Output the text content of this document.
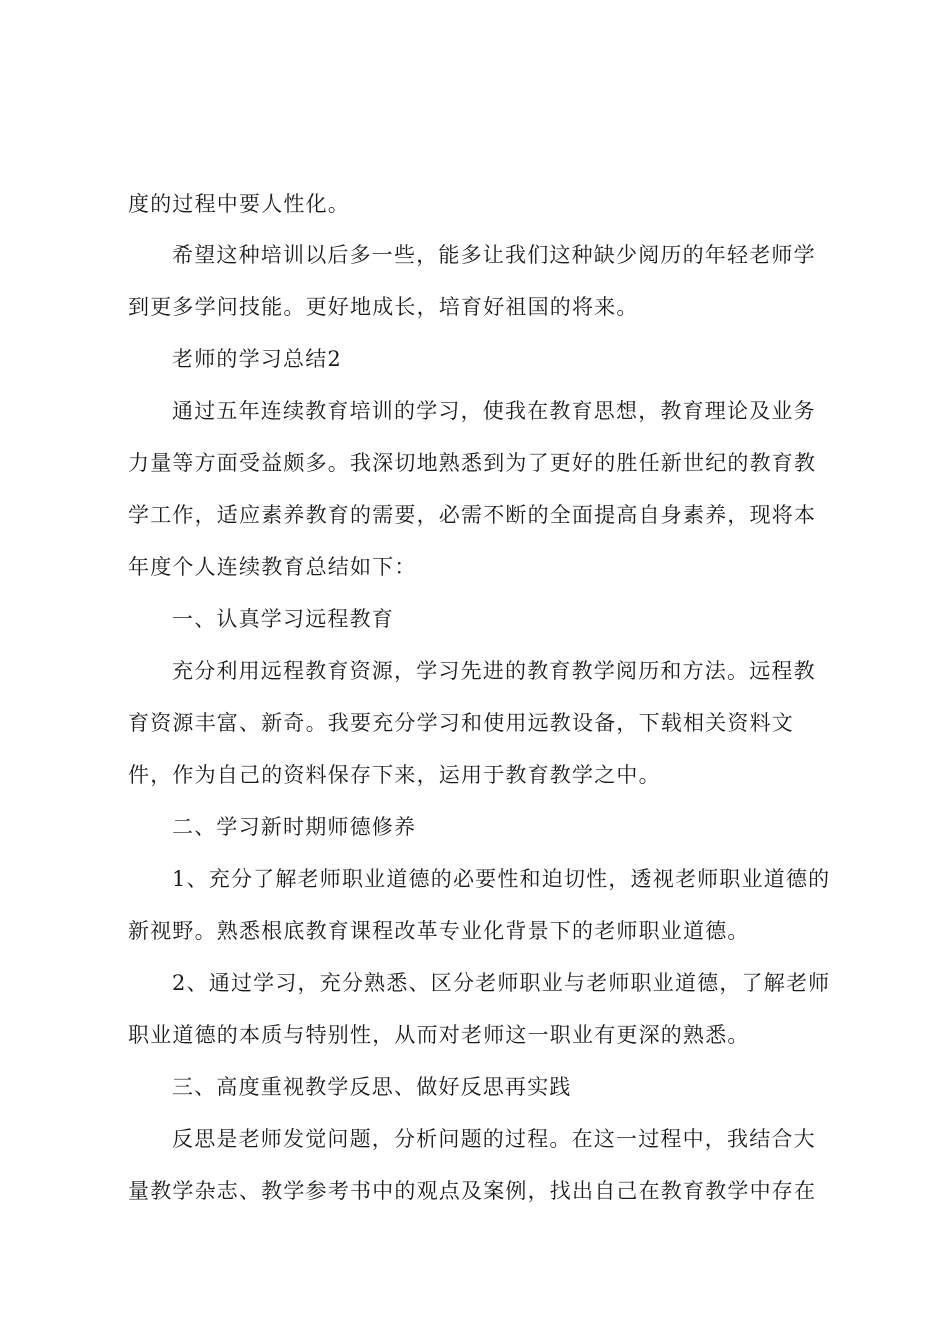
度的过程中要人性化。
希望这种培训以后多一些，能多让我们这种缺少阅历的年轻老师学
到更多学问技能。更好地成长，培育好祖国的将来。
老师的学习总结2
通过五年连续教育培训的学习，使我在教育思想，教育理论及业务
力量等方面受益颇多。我深切地熟悉到为了更好的胜任新世纪的教育教
学工作，适应素养教育的需要，必需不断的全面提高自身素养，现将本
年度个人连续教育总结如下：
一、认真学习远程教育
充分利用远程教育资源，学习先进的教育教学阅历和方法。远程教
育资源丰富、新奇。我要充分学习和使用远教设备，下载相关资料文
件，作为自己的资料保存下来，运用于教育教学之中。
二、学习新时期师德修养
1、充分了解老师职业道德的必要性和迫切性，透视老师职业道德的
新视野。熟悉根底教育课程改革专业化背景下的老师职业道德。
2、通过学习，充分熟悉、区分老师职业与老师职业道德，了解老师
职业道德的本质与特别性，从而对老师这一职业有更深的熟悉。
三、高度重视教学反思、做好反思再实践
反思是老师发觉问题，分析问题的过程。在这一过程中，我结合大
量教学杂志、教学参考书中的观点及案例，找出自己在教育教学中存在
